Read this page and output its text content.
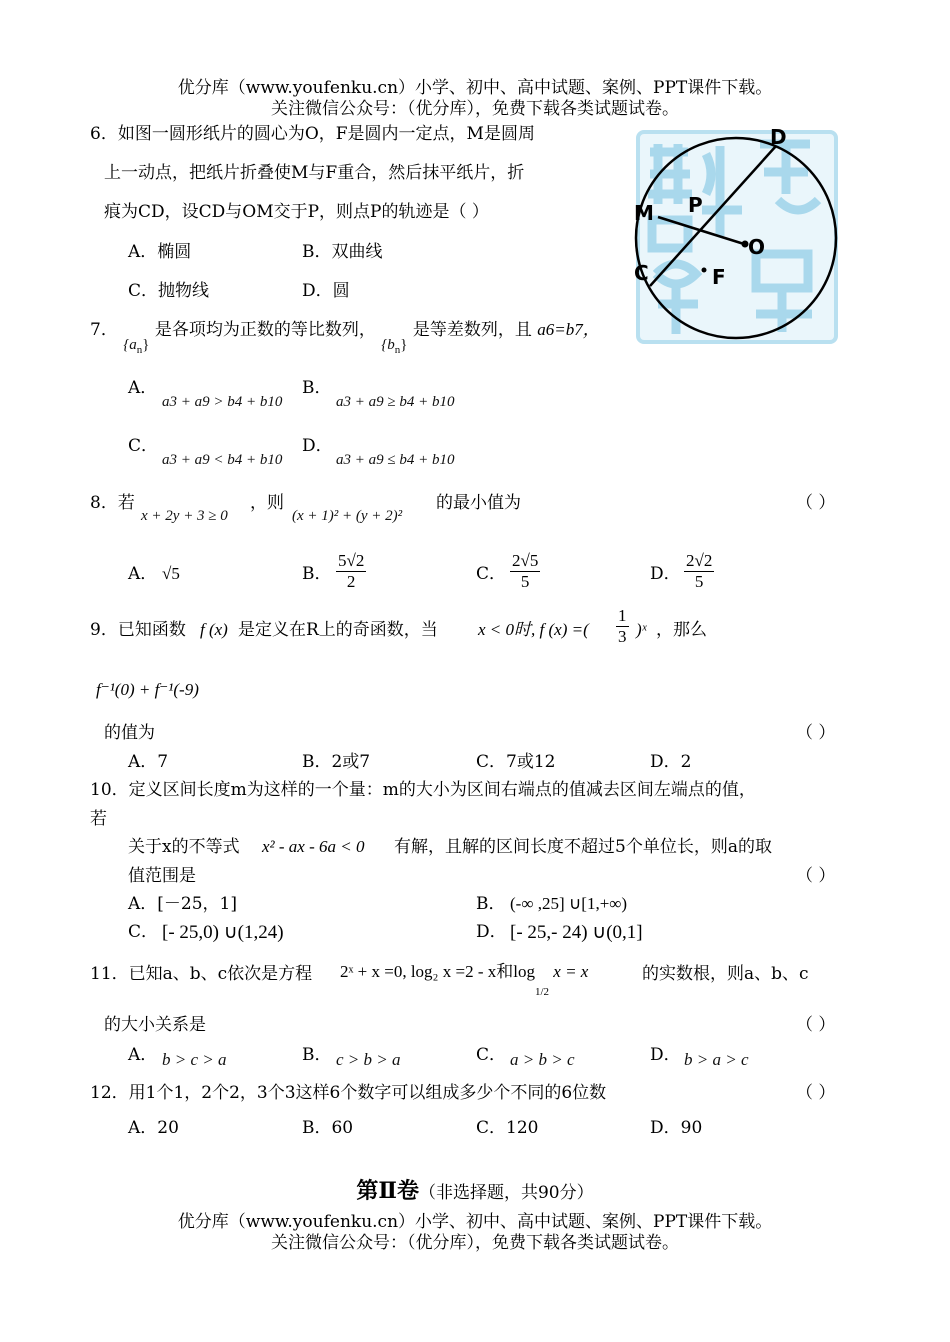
优分库（www.youfenku.cn）小学、初中、高中试题、案例、PPT课件下载。
关注微信公众号：（优分库），免费下载各类试题试卷。
6．如图一圆形纸片的圆心为O，F是圆内一定点，M是圆周
上一动点，把纸片折叠使M与F重合，然后抹平纸片，折
痕为CD，设CD与OM交于P，则点P的轨迹是（ ）
A．椭圆	B．双曲线
C．抛物线	D．圆
D
M P
O
C	F
7． $\{a_n\}$ 是各项均为正数的等比数列， $\{b_n\}$ 是等差数列，且 a6=b7，
A．
a3 + a9 > b4 + b10
B．
a3 + a9 ≥ b4 + b10
C．
a3 + a9 < b4 + b10
D．
a3 + a9 ≤ b4 + b10
8．若
x + 2y + 3 ≥ 0
，则
(x + 1)² + (y + 2)²
的最小值为	（ ）
A． √5	B． $\frac{5√2}{2}$	C． $\frac{2√5}{5}$	D． $\frac{2√2}{5}$
9．已知函数 f (x) 是定义在R上的奇函数，当 x < 0时, f (x) =( $\frac{1}{3}$ )ˣ ，那么
f⁻¹(0) + f⁻¹(-9)
的值为	（ ）
A．7	B．2或7	C．7或12	D．2
10．定义区间长度m为这样的一个量：m的大小为区间右端点的值减去区间左端点的值，
若
关于x的不等式 x² - ax - 6a < 0 有解，且解的区间长度不超过5个单位长，则a的取
值范围是	（ ）
A．[－25，1]	B． (-∞ ,25] ∪[1,+∞)
C． [- 25,0) ∪(1,24)	D． [- 25,- 24) ∪(0,1]
11．已知a、b、c依次是方程 2ˣ + x =0, log₂ x =2 - x和$\log_{1/2} x = x$	的实数根，则a、b、c
的大小关系是	（ ）
A． b > c > a	B． c > b > a	C． a > b > c	D． b > a > c
12．用1个1，2个2，3个3这样6个数字可以组成多少个不同的6位数	（ ）
A．20	B．60	C．120	D．90
第Ⅱ卷（非选择题，共90分）
优分库（www.youfenku.cn）小学、初中、高中试题、案例、PPT课件下载。
关注微信公众号：（优分库），免费下载各类试题试卷。
